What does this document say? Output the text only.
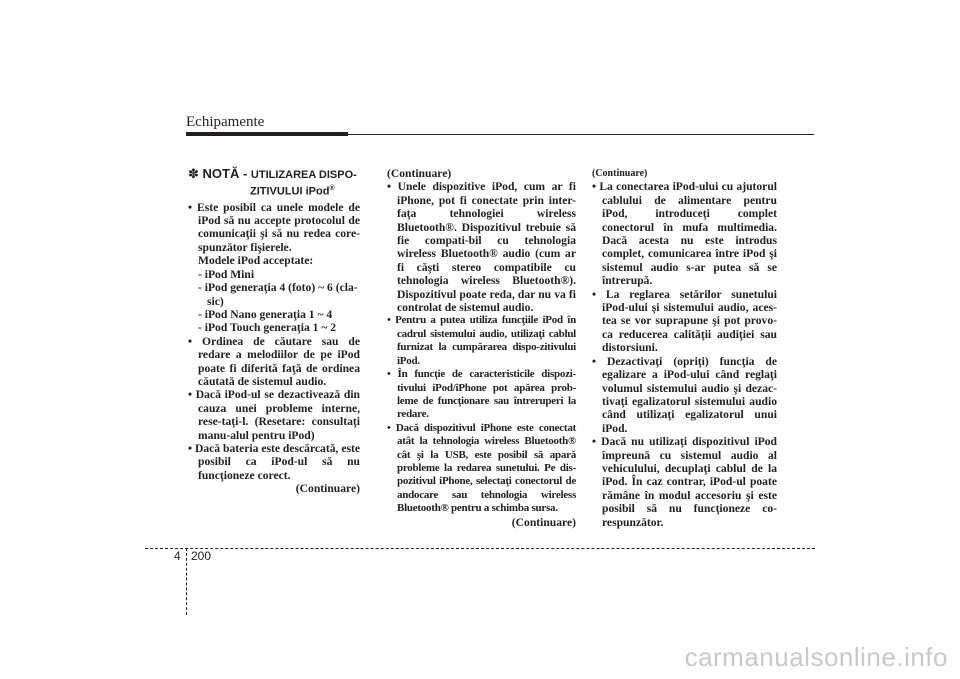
Echipamente
✽ NOTĂ - UTILIZAREA DISPO-
ZITIVULUI iPod®

• Este posibil ca unele modele de iPod să nu accepte protocolul de comunicaţii şi să nu redea core-spunzător fişierele.

Modele iPod acceptate:

- iPod Mini

- iPod generaţia 4 (foto) ~ 6 (cla-sic)

- iPod Nano generaţia 1 ~ 4

- iPod Touch generaţia 1 ~ 2

• Ordinea de căutare sau de redare a melodiilor de pe iPod poate fi diferită faţă de ordinea căutată de sistemul audio.

• Dacă iPod-ul se dezactivează din cauza unei probleme interne, rese-taţi-l. (Resetare: consultaţi manu-alul pentru iPod)

• Dacă bateria este descărcată, este posibil ca iPod-ul să nu funcţioneze corect.

(Continuare)

(Continuare)

• Unele dispozitive iPod, cum ar fi iPhone, pot fi conectate prin inter-faţa tehnologiei wireless Bluetooth®. Dispozitivul trebuie să fie compati-bil cu tehnologia wireless Bluetooth® audio (cum ar fi căşti stereo compatibile cu tehnologia wireless Bluetooth®). Dispozitivul poate reda, dar nu va fi controlat de sistemul audio.

• Pentru a putea utiliza funcţiile iPod în cadrul sistemului audio, utilizaţi cablul furnizat la cumpărarea dispo-zitivului iPod.

• În funcţie de caracteristicile dispozi-tivului iPod/iPhone pot apărea prob-leme de funcţionare sau întreruperi la redare.

• Dacă dispozitivul iPhone este conectat atât la tehnologia wireless Bluetooth® cât şi la USB, este posibil să apară probleme la redarea sunetului. Pe dis-pozitivul iPhone, selectaţi conectorul de andocare sau tehnologia wireless Bluetooth® pentru a schimba sursa.

(Continuare)

(Continuare)

• La conectarea iPod-ului cu ajutorul cablului de alimentare pentru iPod, introduceţi complet conectorul în mufa multimedia. Dacă acesta nu este introdus complet, comunicarea între iPod şi sistemul audio s-ar putea să se întrerupă.

• La reglarea setărilor sunetului iPod-ului şi sistemului audio, aces-tea se vor suprapune şi pot provo-ca reducerea calităţii audiţiei sau distorsiuni.

• Dezactivaţi (opriţi) funcţia de egalizare a iPod-ului când reglaţi volumul sistemului audio şi dezac-tivaţi egalizatorul sistemului audio când utilizaţi egalizatorul unui iPod.

• Dacă nu utilizaţi dispozitivul iPod împreună cu sistemul audio al vehiculului, decuplaţi cablul de la iPod. În caz contrar, iPod-ul poate rămâne în modul accesoriu şi este posibil să nu funcţioneze co-respunzător.

4 200
carmanualsonline.info
